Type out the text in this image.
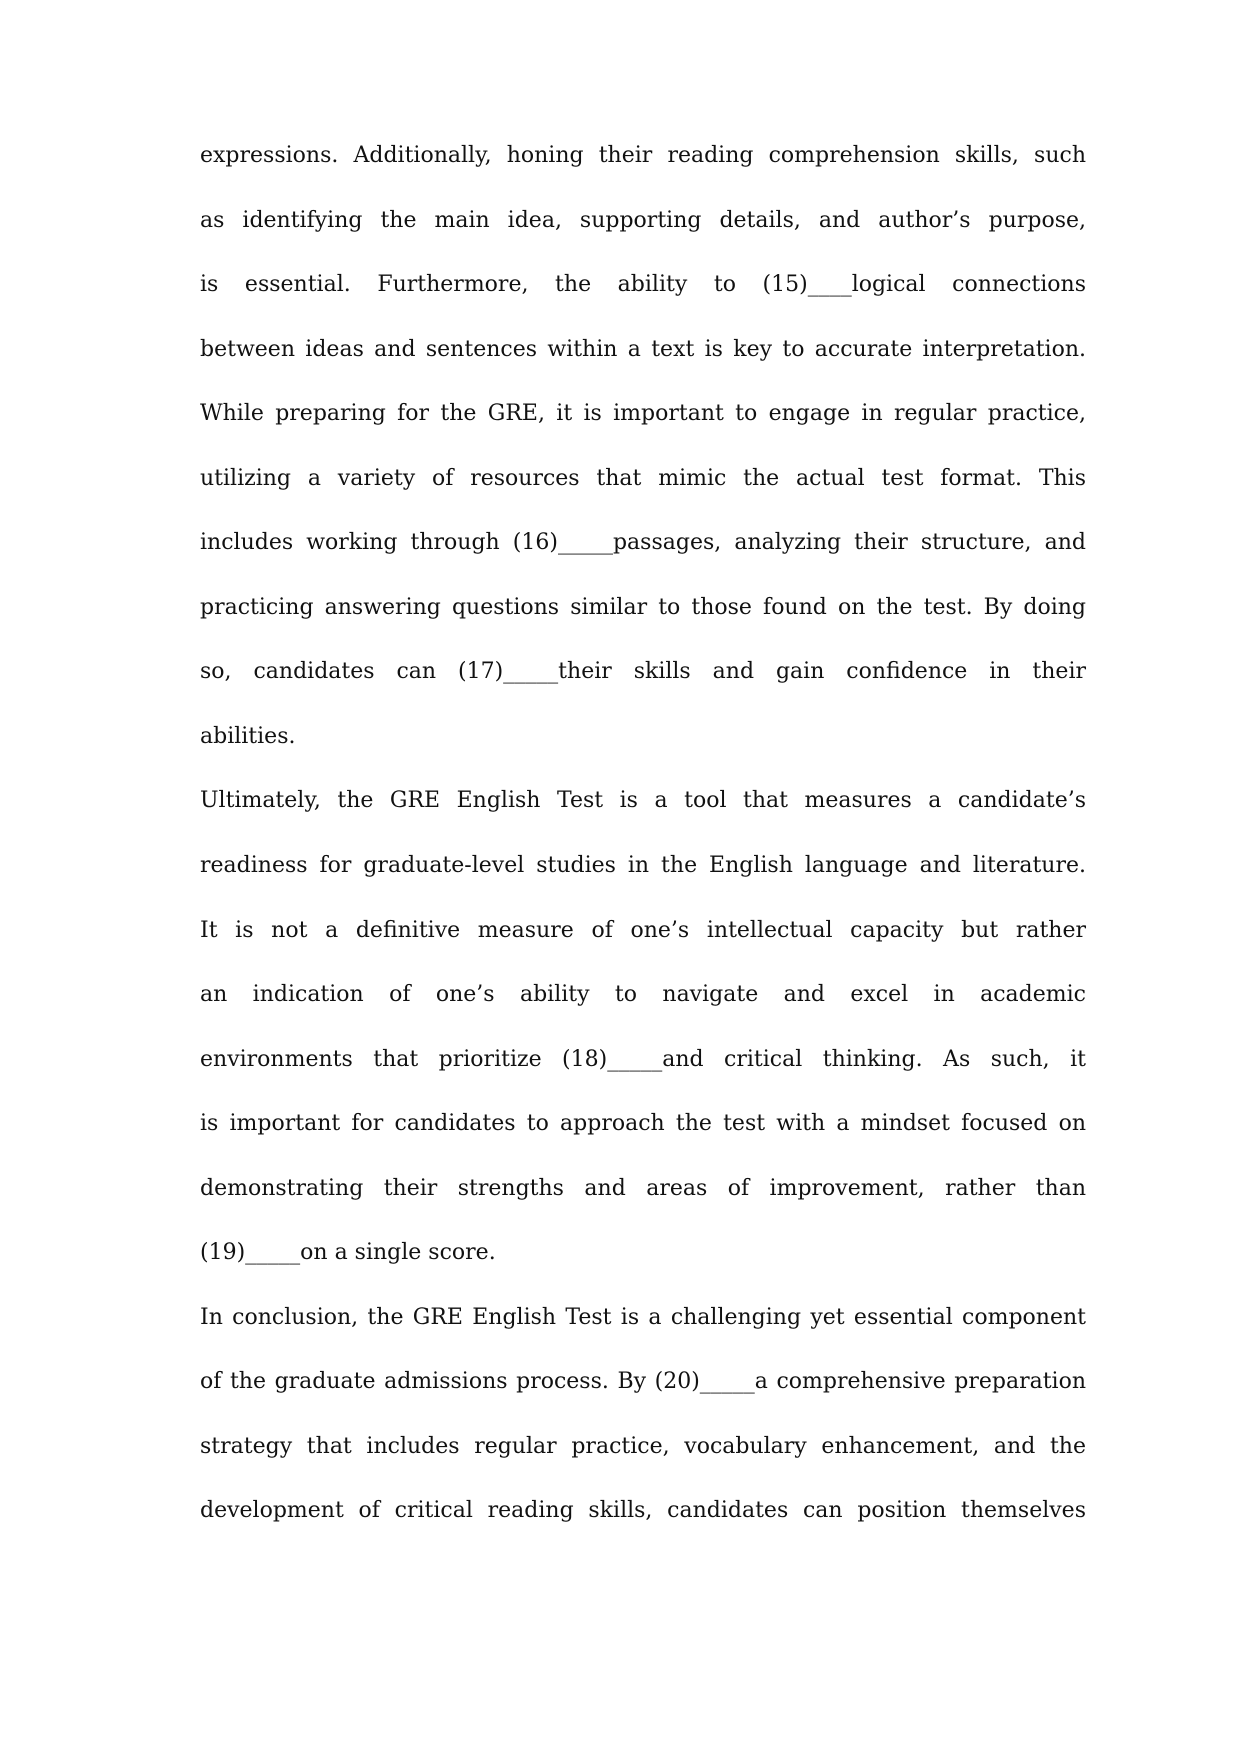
expressions. Additionally, honing their reading comprehension skills, such
as identifying the main idea, supporting details, and author’s purpose,
is essential. Furthermore, the ability to (15)____logical connections
between ideas and sentences within a text is key to accurate interpretation.
While preparing for the GRE, it is important to engage in regular practice,
utilizing a variety of resources that mimic the actual test format. This
includes working through (16)_____passages, analyzing their structure, and
practicing answering questions similar to those found on the test. By doing
so, candidates can (17)_____their skills and gain confidence in their
abilities.
Ultimately, the GRE English Test is a tool that measures a candidate’s
readiness for graduate-level studies in the English language and literature.
It is not a definitive measure of one’s intellectual capacity but rather
an indication of one’s ability to navigate and excel in academic
environments that prioritize (18)_____and critical thinking. As such, it
is important for candidates to approach the test with a mindset focused on
demonstrating their strengths and areas of improvement, rather than
(19)_____on a single score.
In conclusion, the GRE English Test is a challenging yet essential component
of the graduate admissions process. By (20)_____a comprehensive preparation
strategy that includes regular practice, vocabulary enhancement, and the
development of critical reading skills, candidates can position themselves
